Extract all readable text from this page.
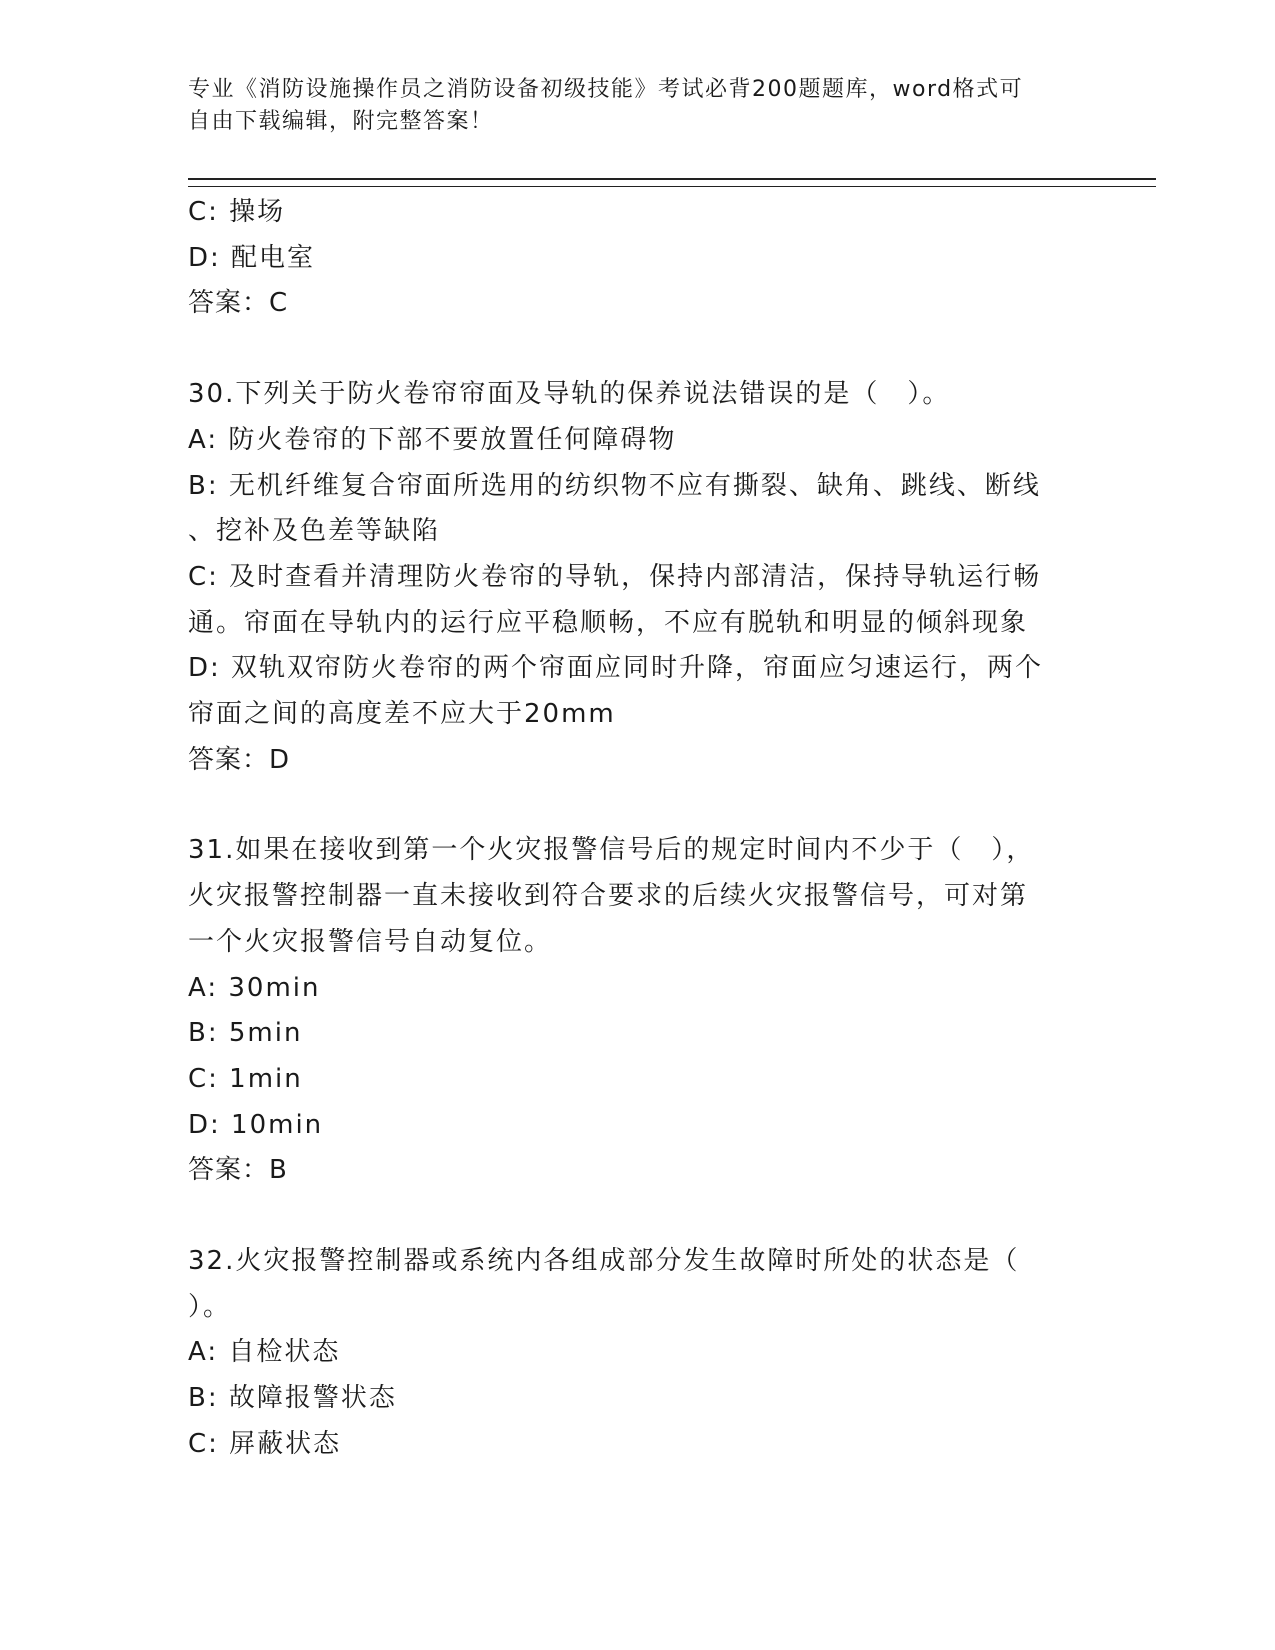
专业《消防设施操作员之消防设备初级技能》考试必背200题题库，word格式可
自由下载编辑，附完整答案！
C: 操场
D: 配电室
答案：C
30.下列关于防火卷帘帘面及导轨的保养说法错误的是（　）。
A: 防火卷帘的下部不要放置任何障碍物
B: 无机纤维复合帘面所选用的纺织物不应有撕裂、缺角、跳线、断线
、挖补及色差等缺陷
C: 及时查看并清理防火卷帘的导轨，保持内部清洁，保持导轨运行畅
通。帘面在导轨内的运行应平稳顺畅，不应有脱轨和明显的倾斜现象
D: 双轨双帘防火卷帘的两个帘面应同时升降，帘面应匀速运行，两个
帘面之间的高度差不应大于20mm
答案：D
31.如果在接收到第一个火灾报警信号后的规定时间内不少于（　），
火灾报警控制器一直未接收到符合要求的后续火灾报警信号，可对第
一个火灾报警信号自动复位。
A: 30min
B: 5min
C: 1min
D: 10min
答案：B
32.火灾报警控制器或系统内各组成部分发生故障时所处的状态是（
）。
A: 自检状态
B: 故障报警状态
C: 屏蔽状态
